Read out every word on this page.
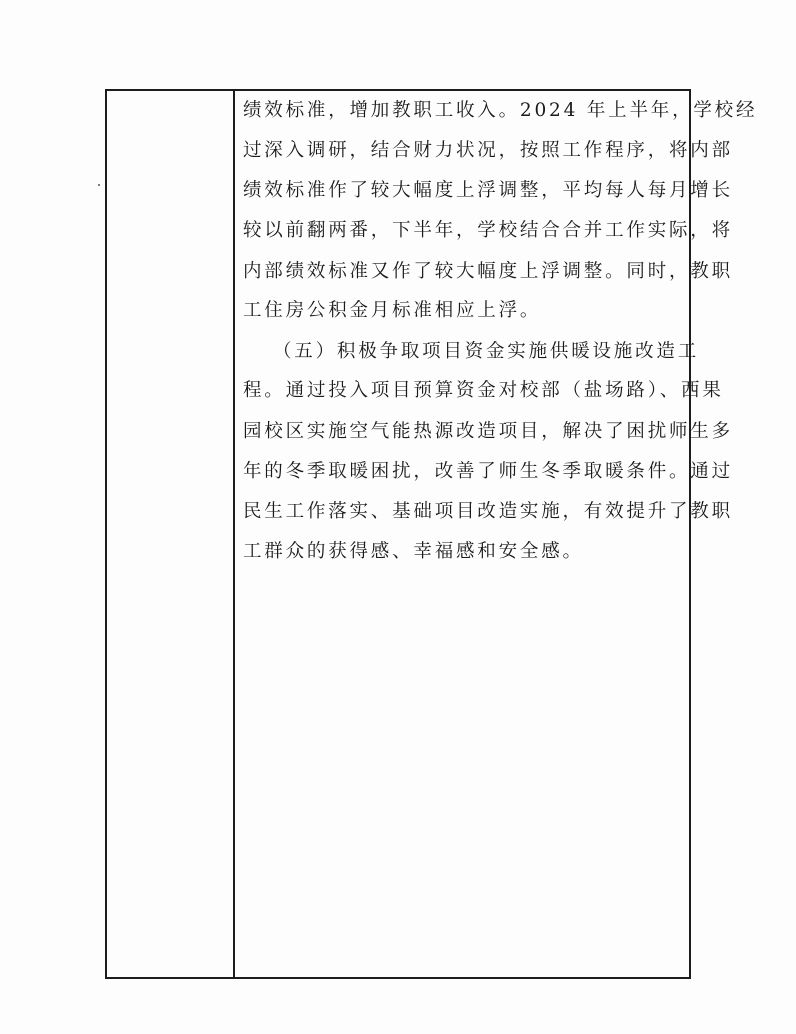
绩效标准，增加教职工收入。2024 年上半年，学校经
过深入调研，结合财力状况，按照工作程序，将内部
绩效标准作了较大幅度上浮调整，平均每人每月增长
较以前翻两番，下半年，学校结合合并工作实际，将
内部绩效标准又作了较大幅度上浮调整。同时，教职
工住房公积金月标准相应上浮。
（五）积极争取项目资金实施供暖设施改造工
程。通过投入项目预算资金对校部（盐场路）、西果
园校区实施空气能热源改造项目，解决了困扰师生多
年的冬季取暖困扰，改善了师生冬季取暖条件。通过
民生工作落实、基础项目改造实施，有效提升了教职
工群众的获得感、幸福感和安全感。
